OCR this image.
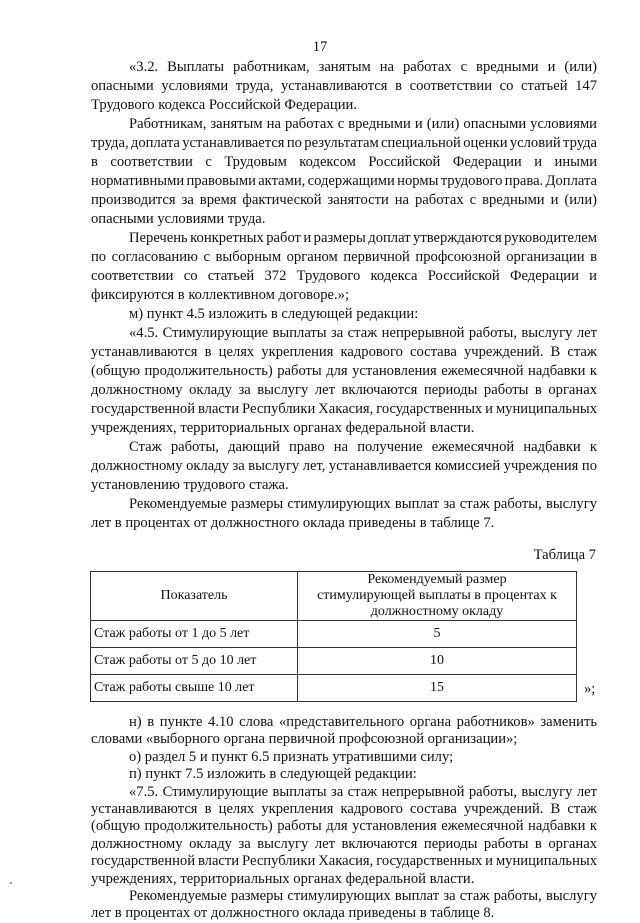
17
«3.2. Выплаты работникам, занятым на работах с вредными и (или)
опасными условиями труда, устанавливаются в соответствии со статьей 147
Трудового кодекса Российской Федерации.
Работникам, занятым на работах с вредными и (или) опасными условиями
труда, доплата устанавливается по результатам специальной оценки условий труда
в соответствии с Трудовым кодексом Российской Федерации и иными
нормативными правовыми актами, содержащими нормы трудового права. Доплата
производится за время фактической занятости на работах с вредными и (или)
опасными условиями труда.
Перечень конкретных работ и размеры доплат утверждаются руководителем
по согласованию с выборным органом первичной профсоюзной организации в
соответствии со статьей 372 Трудового кодекса Российской Федерации и
фиксируются в коллективном договоре.»;
м) пункт 4.5 изложить в следующей редакции:
«4.5. Стимулирующие выплаты за стаж непрерывной работы, выслугу лет
устанавливаются в целях укрепления кадрового состава учреждений. В стаж
(общую продолжительность) работы для установления ежемесячной надбавки к
должностному окладу за выслугу лет включаются периоды работы в органах
государственной власти Республики Хакасия, государственных и муниципальных
учреждениях, территориальных органах федеральной власти.
Стаж работы, дающий право на получение ежемесячной надбавки к
должностному окладу за выслугу лет, устанавливается комиссией учреждения по
установлению трудового стажа.
Рекомендуемые размеры стимулирующих выплат за стаж работы, выслугу
лет в процентах от должностного оклада приведены в таблице 7.
Таблица 7
Показатель	Рекомендуемый размер стимулирующей выплаты в процентах к должностному окладу
Стаж работы от 1 до 5 лет	5
Стаж работы от 5 до 10 лет	10
Стаж работы свыше 10 лет	15	»;
н) в пункте 4.10 слова «представительного органа работников» заменить
словами «выборного органа первичной профсоюзной организации»;
о) раздел 5 и пункт 6.5 признать утратившими силу;
п) пункт 7.5 изложить в следующей редакции:
«7.5. Стимулирующие выплаты за стаж непрерывной работы, выслугу лет
устанавливаются в целях укрепления кадрового состава учреждений. В стаж
(общую продолжительность) работы для установления ежемесячной надбавки к
должностному окладу за выслугу лет включаются периоды работы в органах
государственной власти Республики Хакасия, государственных и муниципальных
учреждениях, территориальных органах федеральной власти.
Рекомендуемые размеры стимулирующих выплат за стаж работы, выслугу
лет в процентах от должностного оклада приведены в таблице 8.
